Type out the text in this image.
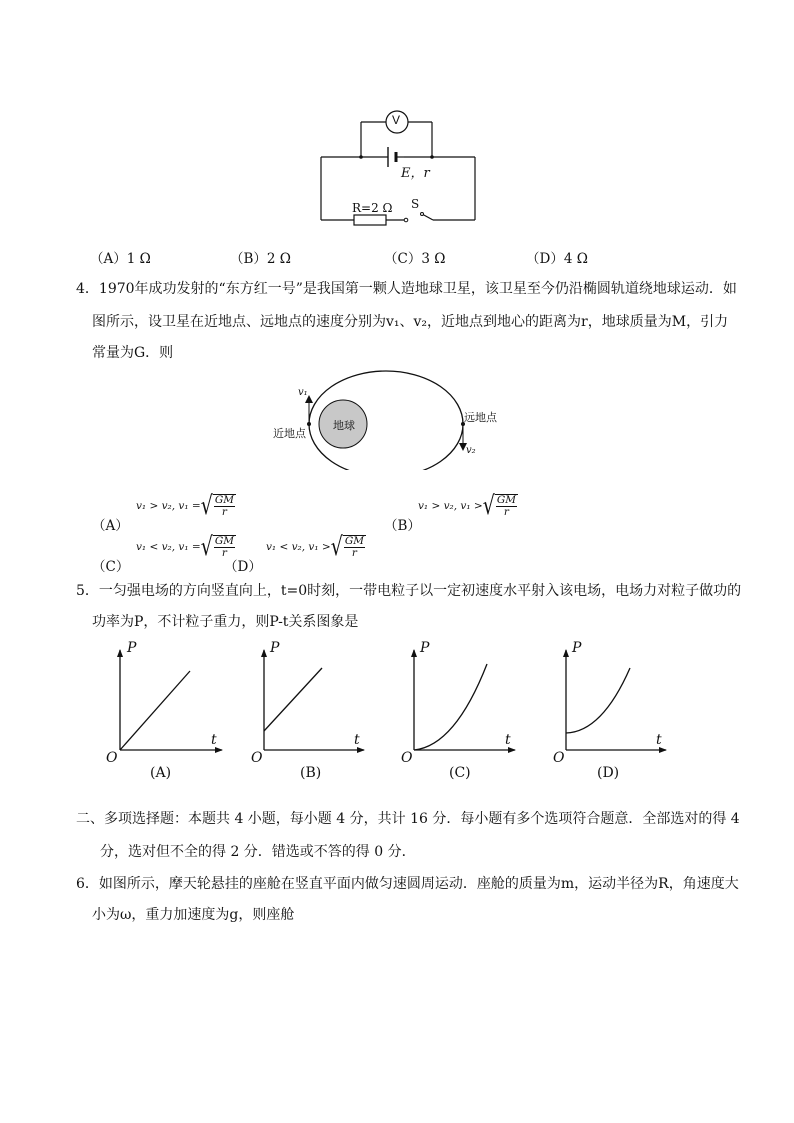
V
E，r
R=2 Ω S
（A）1 Ω	（B）2 Ω	（C）3 Ω	（D）4 Ω
4．1970年成功发射的“东方红一号”是我国第一颗人造地球卫星，该卫星至今仍沿椭圆轨道绕地球运动．如
图所示，设卫星在近地点、远地点的速度分别为v₁、v₂，近地点到地心的距离为r，地球质量为M，引力
常量为G．则
地球
近地点
远地点
v₁
v₂
（A）
v₁ > v₂, v₁ = √ $\frac{GM}{r}$
（B）
v₁ > v₂, v₁ > √ $\frac{GM}{r}$
（C）
v₁ < v₂, v₁ = √ $\frac{GM}{r}$
（D）
v₁ < v₂, v₁ > √ $\frac{GM}{r}$
5．一匀强电场的方向竖直向上，t=0时刻，一带电粒子以一定初速度水平射入该电场，电场力对粒子做功的
功率为P，不计粒子重力，则P-t关系图象是
P
t
O
(A)
P
t
O
(B)
P
t
O
(C)
P
t
O
(D)
二、多项选择题：本题共 4 小题，每小题 4 分，共计 16 分．每小题有多个选项符合题意．全部选对的得 4
分，选对但不全的得 2 分．错选或不答的得 0 分．
6．如图所示，摩天轮悬挂的座舱在竖直平面内做匀速圆周运动．座舱的质量为m，运动半径为R，角速度大
小为ω，重力加速度为g，则座舱
